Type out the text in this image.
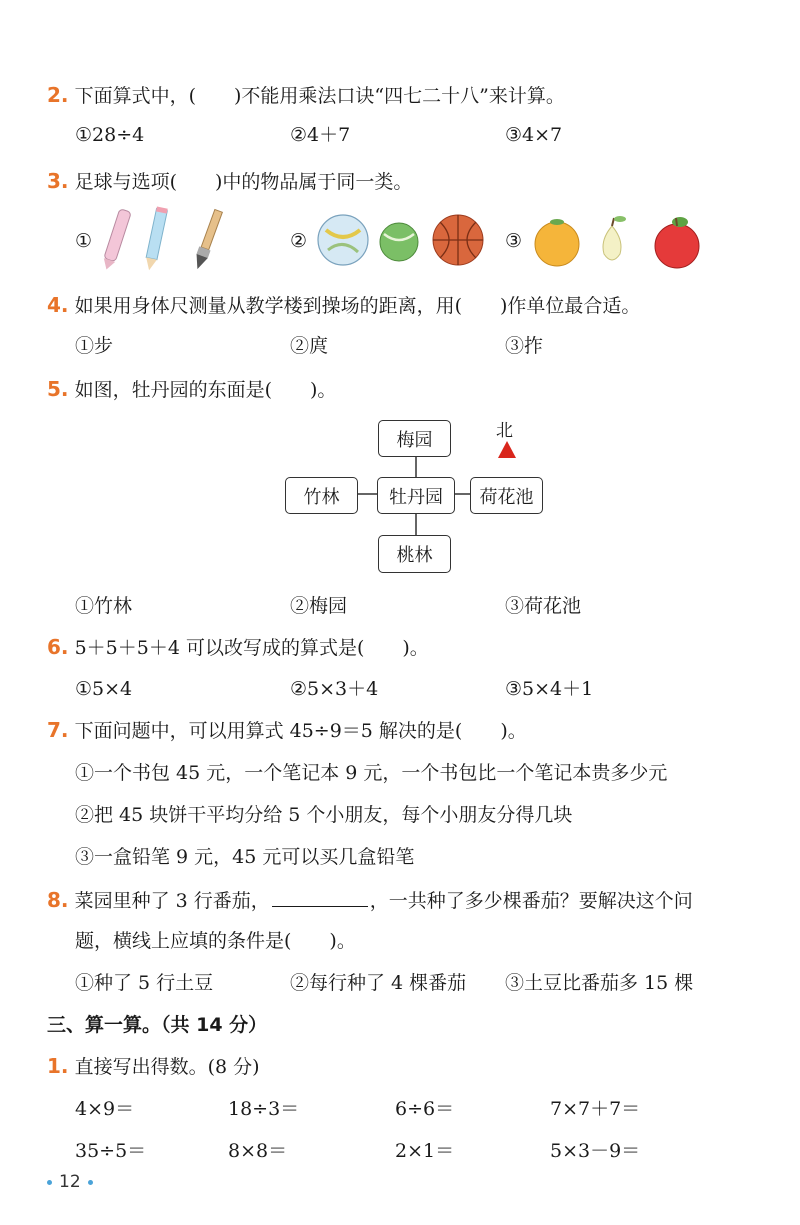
2. 下面算式中，(　　)不能用乘法口诀“四七二十八”来计算。
①28÷4	②4＋7	③4×7
3. 足球与选项(　　)中的物品属于同一类。
①	②	③
4. 如果用身体尺测量从教学楼到操场的距离，用(　　)作单位最合适。
①步	②庹	③拃
5. 如图，牡丹园的东面是(　　)。
北
梅园
竹林	牡丹园	荷花池
桃林
①竹林	②梅园	③荷花池
6. 5＋5＋5＋4 可以改写成的算式是(　　)。
①5×4	②5×3＋4	③5×4＋1
7. 下面问题中，可以用算式 45÷9＝5 解决的是(　　)。
①一个书包 45 元，一个笔记本 9 元，一个书包比一个笔记本贵多少元
②把 45 块饼干平均分给 5 个小朋友，每个小朋友分得几块
③一盒铅笔 9 元，45 元可以买几盒铅笔
8. 菜园里种了 3 行番茄，	，一共种了多少棵番茄？要解决这个问
题，横线上应填的条件是(　　)。
①种了 5 行土豆	②每行种了 4 棵番茄 ③土豆比番茄多 15 棵
三、算一算。（共 14 分）
1. 直接写出得数。(8 分)
4×9＝	18÷3＝	6÷6＝	7×7＋7＝
35÷5＝	8×8＝	2×1＝	5×3－9＝
12
